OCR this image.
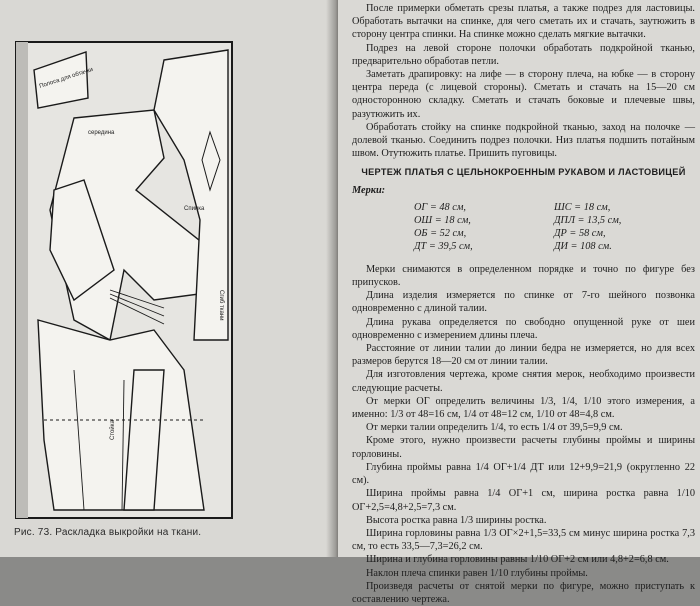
Полоса для обтачки
середина
Спинка
Сгиб ткани
Стойка
Рис. 73. Раскладка выкройки на ткани.

После примерки обметать срезы платья, а также подрез для ластовицы. Обработать вытачки на спинке, для чего сметать их и стачать, заутюжить в сторону центра спинки. На спинке можно сделать мягкие вытачки.

Подрез на левой стороне полочки обработать подкройной тканью, предварительно обработав петли.

Заметать драпировку: на лифе — в сторону плеча, на юбке — в сторону центра переда (с лицевой стороны). Сметать и стачать на 15—20 см односторонною складку. Сметать и стачать боковые и плечевые швы, разутюжить их.

Обработать стойку на спинке подкройной тканью, заход на полочке — долевой тканью. Соединить подрез полочки. Низ платья подшить потайным швом. Отутюжить платье. Пришить пуговицы.

ЧЕРТЕЖ ПЛАТЬЯ С ЦЕЛЬНОКРОЕННЫМ РУКАВОМ И ЛАСТОВИЦЕЙ

Мерки:

ОГ = 48 см,	ШС = 18 см,
ОШ = 18 см,	ДПЛ = 13,5 см,
ОБ = 52 см,	ДР = 58 см,
ДТ = 39,5 см,	ДИ = 108 см.

Мерки снимаются в определенном порядке и точно по фигуре без припусков.

Длина изделия измеряется по спинке от 7-го шейного позвонка одновременно с длиной талии.

Длина рукава определяется по свободно опущенной руке от шеи одновременно с измерением длины плеча.

Расстояние от линии талии до линии бедра не измеряется, но для всех размеров берутся 18—20 см от линии талии.

Для изготовления чертежа, кроме снятия мерок, необходимо произвести следующие расчеты.

От мерки ОГ определить величины 1/3, 1/4, 1/10 этого измерения, а именно: 1/3 от 48=16 см, 1/4 от 48=12 см, 1/10 от 48=4,8 см.

От мерки талии определить 1/4, то есть 1/4 от 39,5=9,9 см.

Кроме этого, нужно произвести расчеты глубины проймы и ширины горловины.

Глубина проймы равна 1/4 ОГ+1/4 ДТ или 12+9,9=21,9 (округленно 22 см).

Ширина проймы равна 1/4 ОГ+1 см, ширина ростка равна 1/10 ОГ+2,5=4,8+2,5=7,3 см.

Высота ростка равна 1/3 ширины ростка.

Ширина горловины равна 1/3 ОГ×2+1,5=33,5 см минус ширина ростка 7,3 см, то есть 33,5—7,3=26,2 см.

Ширина и глубина горловины равны 1/10 ОГ+2 см или 4,8+2=6,8 см.

Наклон плеча спинки равен 1/10 глубины проймы.

Произведя расчеты от снятой мерки по фигуре, можно приступать к составлению чертежа.
